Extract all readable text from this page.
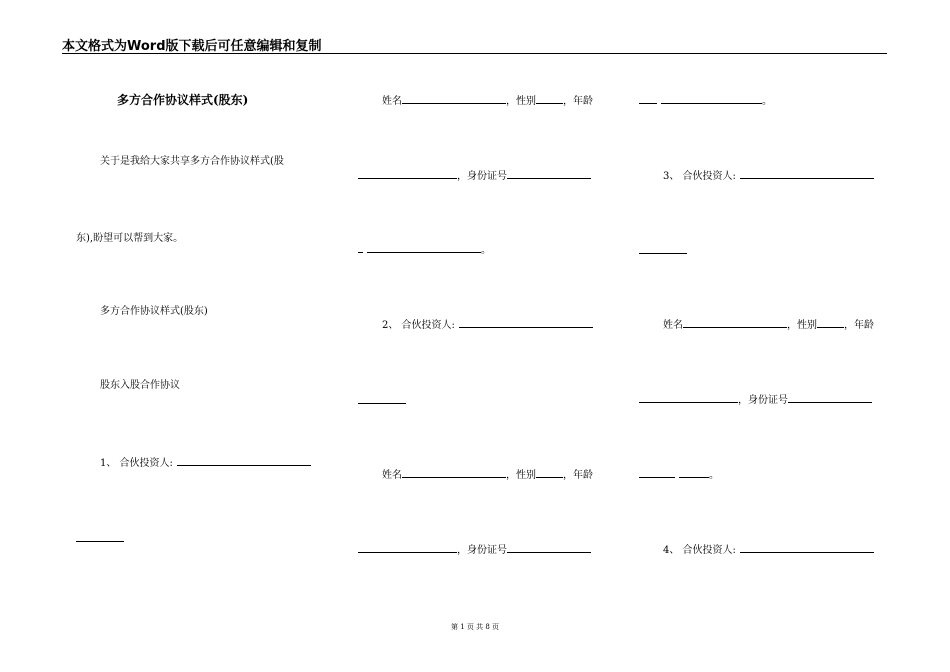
本文格式为Word版下载后可任意编辑和复制
多方合作协议样式(股东)
关于是我给大家共享多方合作协议样式(股
东),盼望可以帮到大家。
多方合作协议样式(股东)
股东入股合作协议
1、 合伙投资人:
姓名	，性别	，年龄
，身份证号
。
2、 合伙投资人:
姓名	，性别	，年龄
，身份证号
。
3、 合伙投资人:
姓名	，性别	，年龄
，身份证号
。
4、 合伙投资人:
第 1 页 共 8 页
